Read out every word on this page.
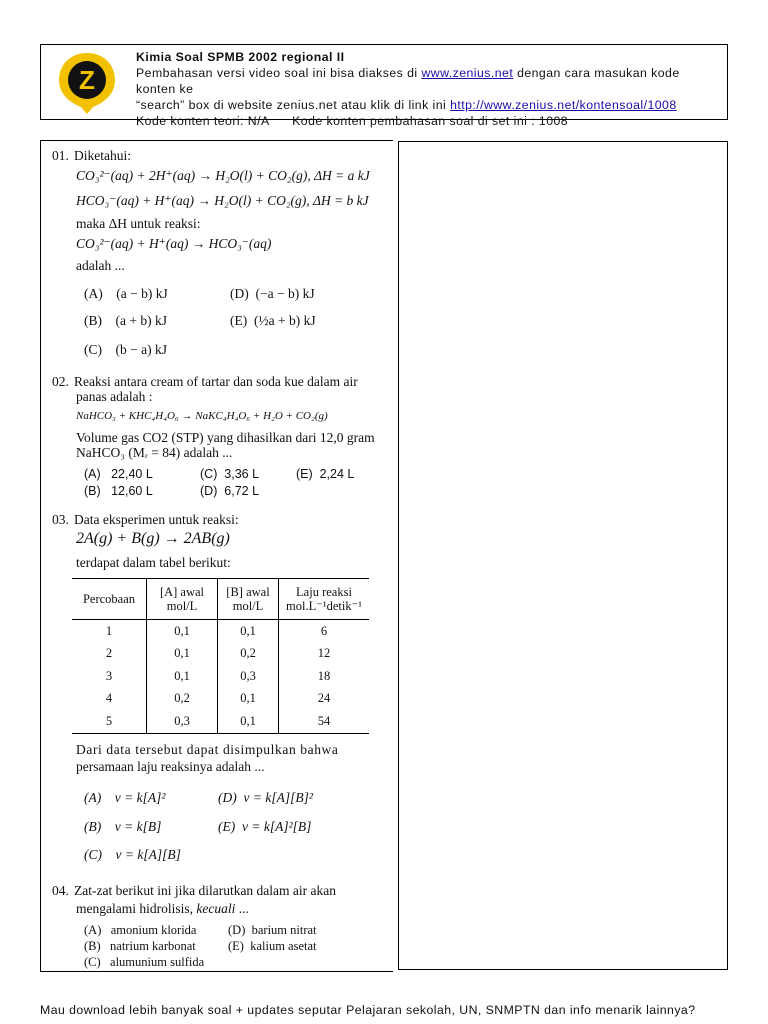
Z
Kimia Soal SPMB 2002 regional II
Pembahasan versi video soal ini bisa diakses di www.zenius.net dengan cara masukan kode konten ke
“search” box di website zenius.net atau klik di link ini http://www.zenius.net/kontensoal/1008
Kode konten teori: N/A      Kode konten pembahasan soal di set ini : 1008
01. Diketahui:
CO₃²⁻(aq) + 2H⁺(aq) → H₂O(l) + CO₂(g), ΔH = a kJ
HCO₃⁻(aq) + H⁺(aq) → H₂O(l) + CO₂(g), ΔH = b kJ
maka ΔH untuk reaksi:
CO₃²⁻(aq) + H⁺(aq) → HCO₃⁻(aq)
adalah ...
(A)    (a − b) kJ
(B)    (a + b) kJ
(C)    (b − a) kJ
(D)  (−a − b) kJ
(E)  (½a + b) kJ
02. Reaksi antara cream of tartar dan soda kue dalam air
panas adalah :
NaHCO₃ + KHC₄H₄O₆ → NaKC₄H₄O₆ + H₂O + CO₂(g)
Volume gas CO2 (STP) yang dihasilkan dari 12,0 gram
NaHCO₃ (Mᵣ = 84) adalah ...
(A)   22,40 L
(B)   12,60 L
(C)  3,36 L
(D)  6,72 L
(E)  2,24 L
03. Data eksperimen untuk reaksi:
2A(g) + B(g) → 2AB(g)
terdapat dalam tabel berikut:
Percobaan	[A] awal mol/L	[B] awal mol/L	Laju reaksi mol.L⁻¹detik⁻¹
1	0,1	0,1	6
2	0,1	0,2	12
3	0,1	0,3	18
4	0,2	0,1	24
5	0,3	0,1	54
Dari data tersebut dapat disimpulkan bahwa
persamaan laju reaksinya adalah ...
(A)    v = k[A]²
(B)    v = k[B]
(C)    v = k[A][B]
(D)  v = k[A][B]²
(E)  v = k[A]²[B]
04. Zat-zat berikut ini jika dilarutkan dalam air akan
mengalami hidrolisis, kecuali ...
(A)   amonium klorida
(B)   natrium karbonat
(C)   alumunium sulfida
(D)  barium nitrat
(E)  kalium asetat
Mau download lebih banyak soal + updates seputar Pelajaran sekolah, UN, SNMPTN dan info menarik lainnya?
